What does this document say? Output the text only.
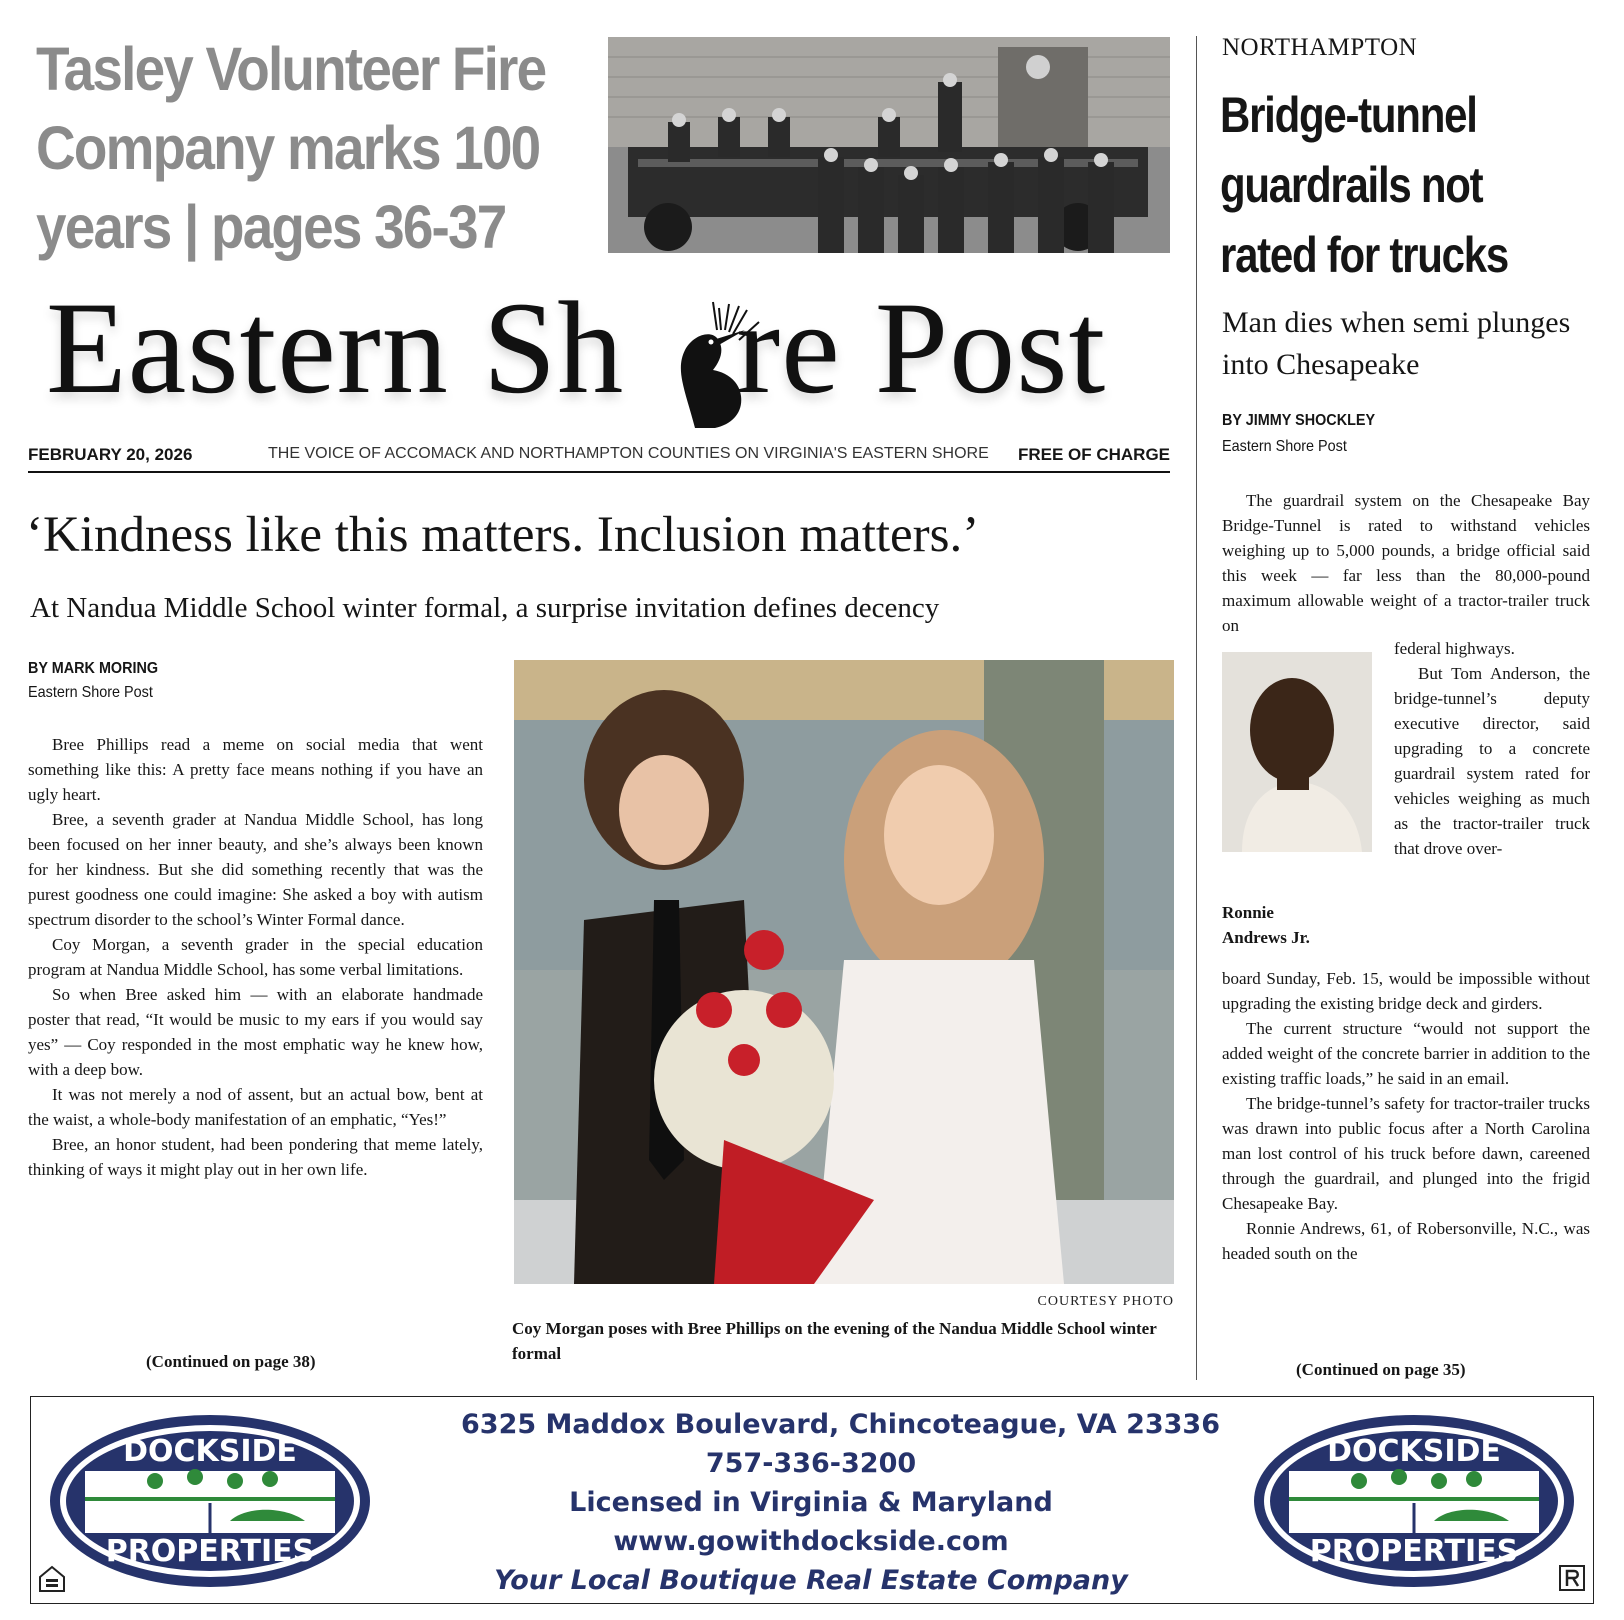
Tasley Volunteer Fire
Company marks 100
years | pages 36-37
Eastern Sh re Post
FEBRUARY 20, 2026	THE VOICE OF ACCOMACK AND NORTHAMPTON COUNTIES ON VIRGINIA'S EASTERN SHORE FREE OF CHARGE
‘Kindness like this matters. Inclusion matters.’
At Nandua Middle School winter formal, a surprise invitation defines decency
BY MARK MORING
Eastern Shore Post

Bree Phillips read a meme on social media that went something like this: A pretty face means nothing if you have an ugly heart.

Bree, a seventh grader at Nandua Middle School, has long been focused on her inner beauty, and she’s always been known for her kindness. But she did something recently that was the purest goodness one could imagine: She asked a boy with autism spectrum disorder to the school’s Winter Formal dance.

Coy Morgan, a seventh grader in the special education program at Nandua Middle School, has some verbal limitations.

So when Bree asked him — with an elaborate handmade poster that read, “It would be music to my ears if you would say yes” — Coy responded in the most emphatic way he knew how, with a deep bow.

It was not merely a nod of assent, but an actual bow, bent at the waist, a whole-body manifestation of an emphatic, “Yes!”

Bree, an honor student, had been pondering that meme lately, thinking of ways it might play out in her own life.

(Continued on page 38)
COURTESY PHOTO
Coy Morgan poses with Bree Phillips on the evening of the Nandua Middle School winter formal
NORTHAMPTON
Bridge-tunnel
guardrails not
rated for trucks
Man dies when semi plunges into Chesapeake
BY JIMMY SHOCKLEY
Eastern Shore Post

The guardrail system on the Chesapeake Bay Bridge-Tunnel is rated to withstand vehicles weighing up to 5,000 pounds, a bridge official said this week — far less than the 80,000-pound maximum allowable weight of a tractor-trailer truck on

Ronnie
Andrews Jr.
federal highways.
But Tom Anderson, the bridge-tunnel’s deputy executive director, said upgrading to a concrete guardrail system rated for vehicles weighing as much as the tractor-trailer truck that drove over-

board Sunday, Feb. 15, would be impossible without upgrading the existing bridge deck and girders.

The current structure “would not support the added weight of the concrete barrier in addition to the existing traffic loads,” he said in an email.

The bridge-tunnel’s safety for tractor-trailer trucks was drawn into public focus after a North Carolina man lost control of his truck before dawn, careened through the guardrail, and plunged into the frigid Chesapeake Bay.

Ronnie Andrews, 61, of Robersonville, N.C., was headed south on the

(Continued on page 35)
DOCKSIDE
PROPERTIES
6325 Maddox Boulevard, Chincoteague, VA 23336
757-336-3200
Licensed in Virginia & Maryland
www.gowithdockside.com
Your Local Boutique Real Estate Company
DOCKSIDE
PROPERTIES
